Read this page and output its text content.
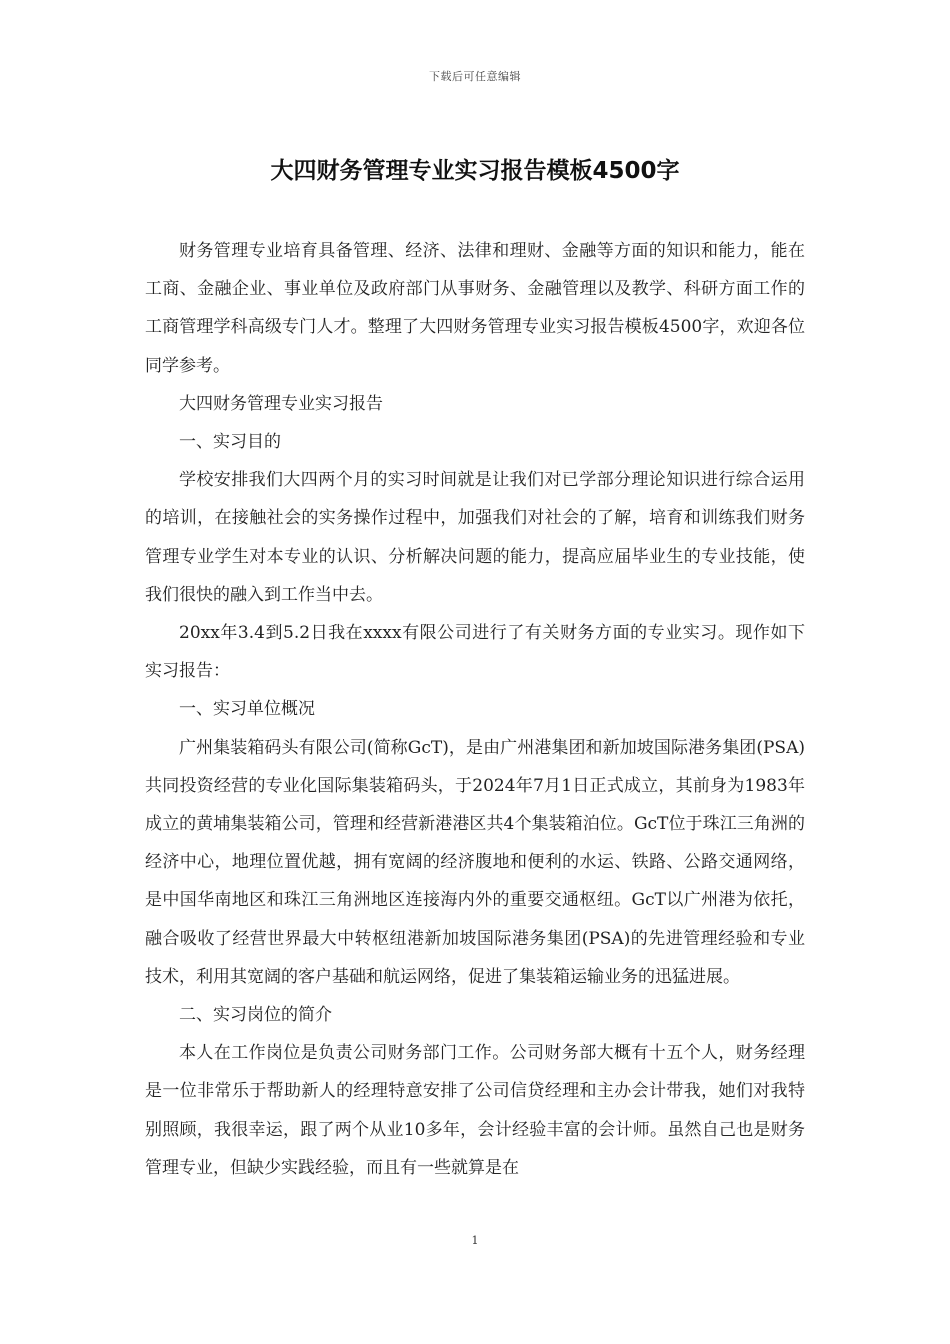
下载后可任意编辑
大四财务管理专业实习报告模板4500字

财务管理专业培育具备管理、经济、法律和理财、金融等方面的知识和能力，能在工商、金融企业、事业单位及政府部门从事财务、金融管理以及教学、科研方面工作的工商管理学科高级专门人才。整理了大四财务管理专业实习报告模板4500字，欢迎各位同学参考。

大四财务管理专业实习报告

一、实习目的

学校安排我们大四两个月的实习时间就是让我们对已学部分理论知识进行综合运用的培训，在接触社会的实务操作过程中，加强我们对社会的了解，培育和训练我们财务管理专业学生对本专业的认识、分析解决问题的能力，提高应届毕业生的专业技能，使我们很快的融入到工作当中去。

20xx年3.4到5.2日我在xxxx有限公司进行了有关财务方面的专业实习。现作如下实习报告：

一、实习单位概况

广州集装箱码头有限公司(简称GcT)，是由广州港集团和新加坡国际港务集团(PSA)共同投资经营的专业化国际集装箱码头，于2024年7月1日正式成立，其前身为1983年成立的黄埔集装箱公司，管理和经营新港港区共4个集装箱泊位。GcT位于珠江三角洲的经济中心，地理位置优越，拥有宽阔的经济腹地和便利的水运、铁路、公路交通网络，是中国华南地区和珠江三角洲地区连接海内外的重要交通枢纽。GcT以广州港为依托，融合吸收了经营世界最大中转枢纽港新加坡国际港务集团(PSA)的先进管理经验和专业技术，利用其宽阔的客户基础和航运网络，促进了集装箱运输业务的迅猛进展。

二、实习岗位的简介

本人在工作岗位是负责公司财务部门工作。公司财务部大概有十五个人，财务经理是一位非常乐于帮助新人的经理特意安排了公司信贷经理和主办会计带我，她们对我特别照顾，我很幸运，跟了两个从业10多年，会计经验丰富的会计师。虽然自己也是财务管理专业，但缺少实践经验，而且有一些就算是在

1
